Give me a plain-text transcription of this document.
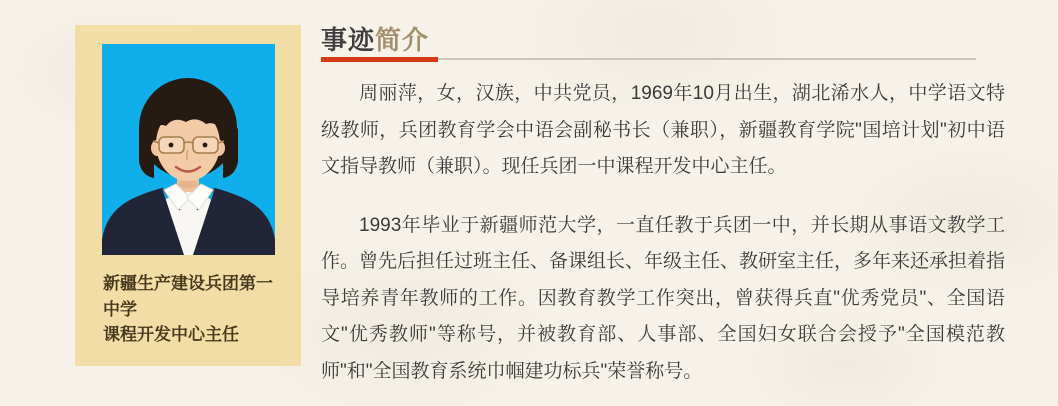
新疆生产建设兵团第一中学
课程开发中心主任
事迹简介

周丽萍，女，汉族，中共党员，1969年10月出生，湖北浠水人，中学语文特级教师，兵团教育学会中语会副秘书长（兼职），新疆教育学院"国培计划"初中语文指导教师（兼职）。现任兵团一中课程开发中心主任。

1993年毕业于新疆师范大学，一直任教于兵团一中，并长期从事语文教学工作。曾先后担任过班主任、备课组长、年级主任、教研室主任，多年来还承担着指导培养青年教师的工作。因教育教学工作突出，曾获得兵直"优秀党员"、全国语文"优秀教师"等称号，并被教育部、人事部、全国妇女联合会授予"全国模范教师"和"全国教育系统巾帼建功标兵"荣誉称号。
